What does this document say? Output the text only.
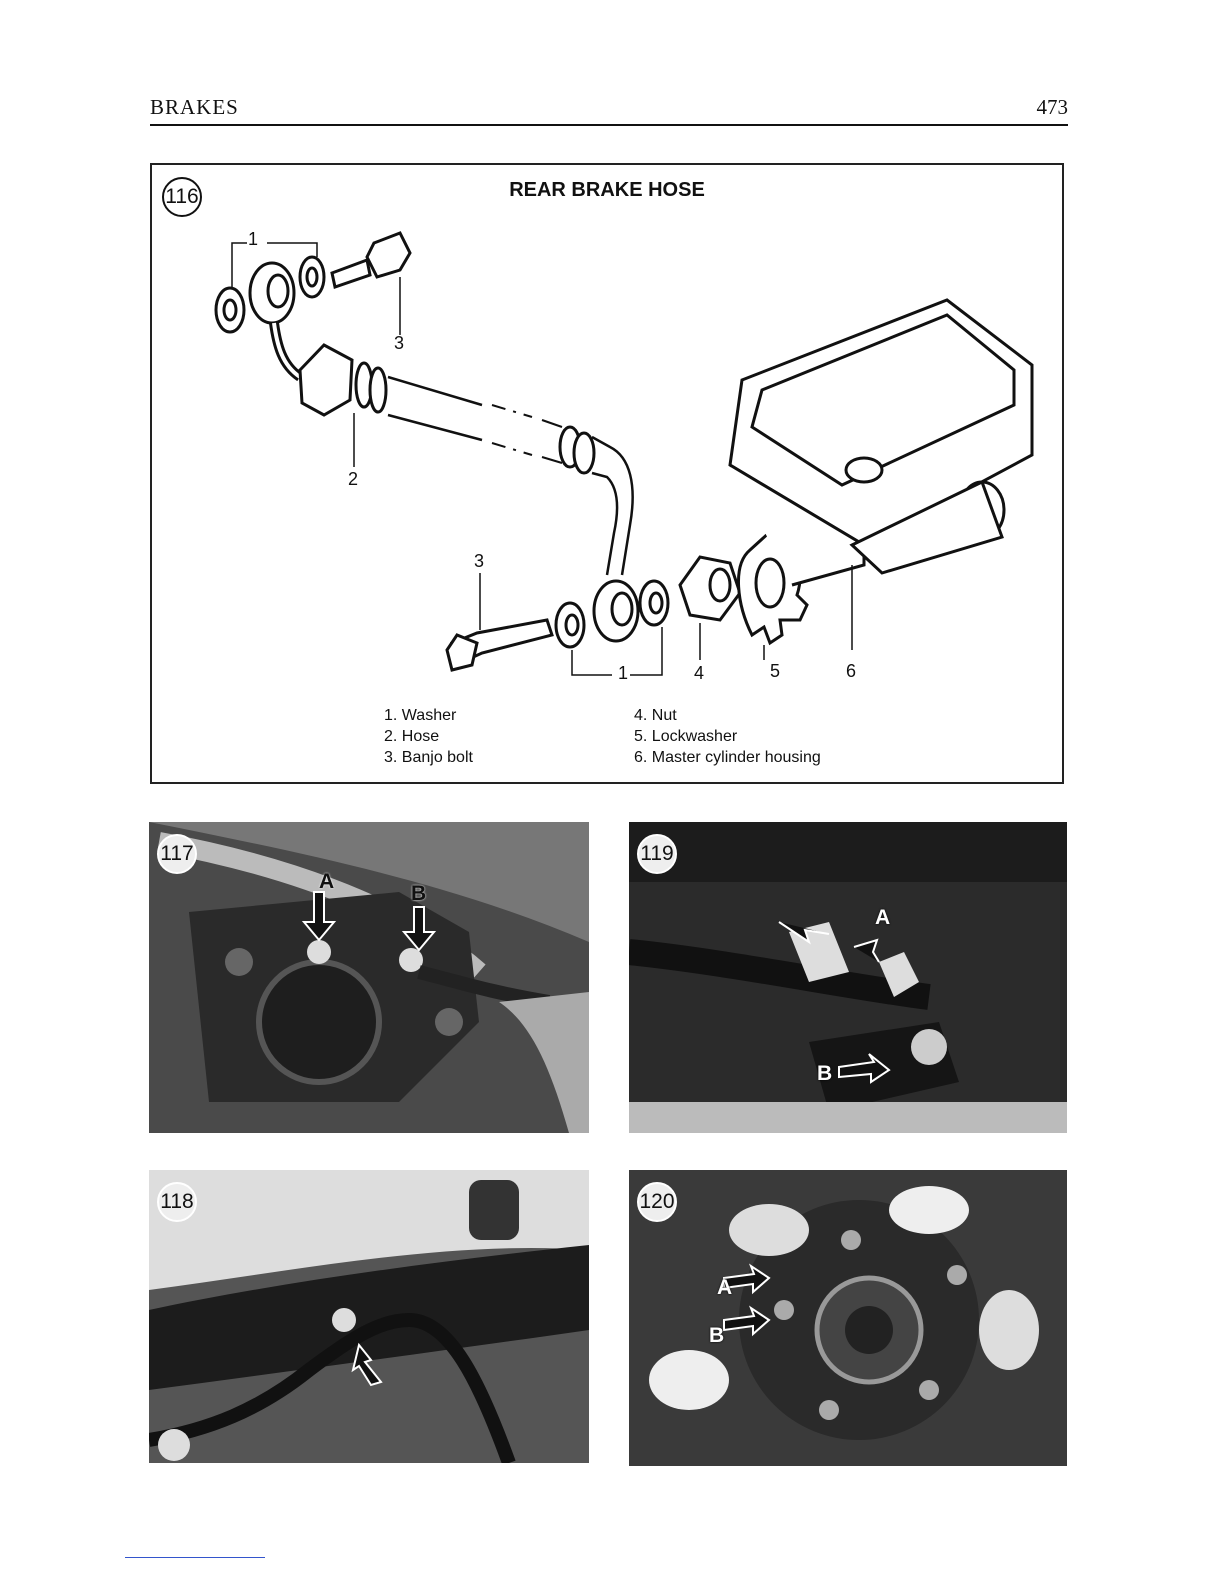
BRAKES	473
116	REAR BRAKE HOSE
1
3
2
3
1	4	5	6
1. Washer
2. Hose
3. Banjo bolt
4. Nut
5. Lockwasher
6. Master cylinder housing
117
A
B
119
A
B
118	120
A
B
